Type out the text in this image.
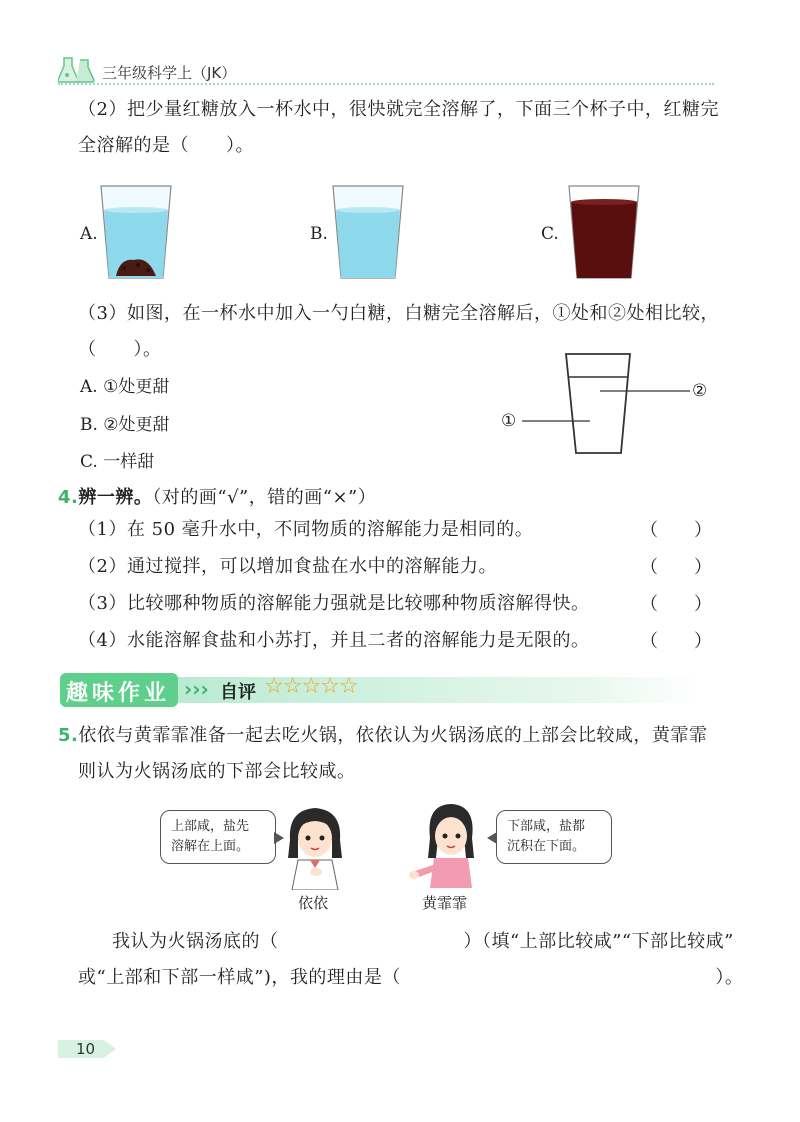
三年级科学上（JK）
（2）把少量红糖放入一杯水中，很快就完全溶解了，下面三个杯子中，红糖完
全溶解的是（　　）。
A.	B.	C.
（3）如图，在一杯水中加入一勺白糖，白糖完全溶解后，①处和②处相比较，
（　　）。
A. ①处更甜
B. ②处更甜
C. 一样甜
②
①
4.辨一辨。（对的画“√”，错的画“×”）
（1）在 50 毫升水中，不同物质的溶解能力是相同的。	（　　）
（2）通过搅拌，可以增加食盐在水中的溶解能力。	（　　）
（3）比较哪种物质的溶解能力强就是比较哪种物质溶解得快。	（　　）
（4）水能溶解食盐和小苏打，并且二者的溶解能力是无限的。	（　　）
趣味作业 ››› 自评 ☆☆☆☆☆
5.依依与黄霏霏准备一起去吃火锅，依依认为火锅汤底的上部会比较咸，黄霏霏
则认为火锅汤底的下部会比较咸。
上部咸，盐先
溶解在上面。
依依	黄霏霏
下部咸，盐都
沉积在下面。
我认为火锅汤底的（　　　　　　　　　　）（填“上部比较咸”“下部比较咸”
或“上部和下部一样咸”)，我的理由是（　　　　　　　　　　　　　　　　　）。
10
